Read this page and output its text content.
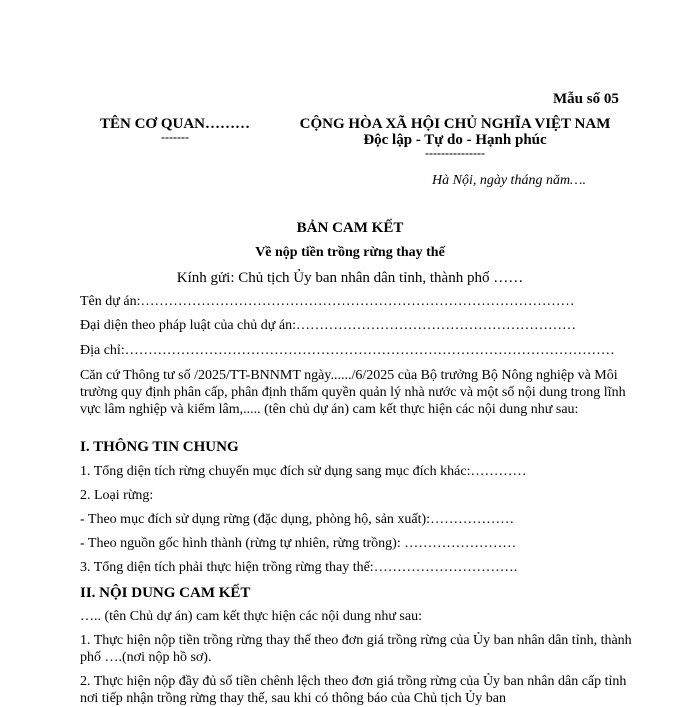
Mẫu số 05
TÊN CƠ QUAN………
-------
CỘNG HÒA XÃ HỘI CHỦ NGHĨA VIỆT NAM
Độc lập - Tự do - Hạnh phúc
---------------
Hà Nội, ngày tháng năm….
BẢN CAM KẾT
Về nộp tiền trồng rừng thay thế
Kính gửi: Chủ tịch Ủy ban nhân dân tỉnh, thành phố ……
Tên dự án:…………………………………………………………………………………
Đại diện theo pháp luật của chủ dự án:……………………………………………………
Địa chỉ:……………………………………………………………………………………………
Căn cứ Thông tư số /2025/TT-BNNMT ngày....../6/2025 của Bộ trưởng Bộ Nông nghiệp và Môi trường quy định phân cấp, phân định thẩm quyền quản lý nhà nước và một số nội dung trong lĩnh vực lâm nghiệp và kiểm lâm,..... (tên chủ dự án) cam kết thực hiện các nội dung như sau:
I. THÔNG TIN CHUNG
1. Tổng diện tích rừng chuyển mục đích sử dụng sang mục đích khác:…………
2. Loại rừng:
- Theo mục đích sử dụng rừng (đặc dụng, phòng hộ, sản xuất):………………
- Theo nguồn gốc hình thành (rừng tự nhiên, rừng trồng): ……………………
3. Tổng diện tích phải thực hiện trồng rừng thay thế:………………………….
II. NỘI DUNG CAM KẾT
….. (tên Chủ dự án) cam kết thực hiện các nội dung như sau:
1. Thực hiện nộp tiền trồng rừng thay thế theo đơn giá trồng rừng của Ủy ban nhân dân tỉnh, thành phố ….(nơi nộp hồ sơ).
2. Thực hiện nộp đầy đủ số tiền chênh lệch theo đơn giá trồng rừng của Ủy ban nhân dân cấp tỉnh nơi tiếp nhận trồng rừng thay thế, sau khi có thông báo của Chủ tịch Ủy ban
